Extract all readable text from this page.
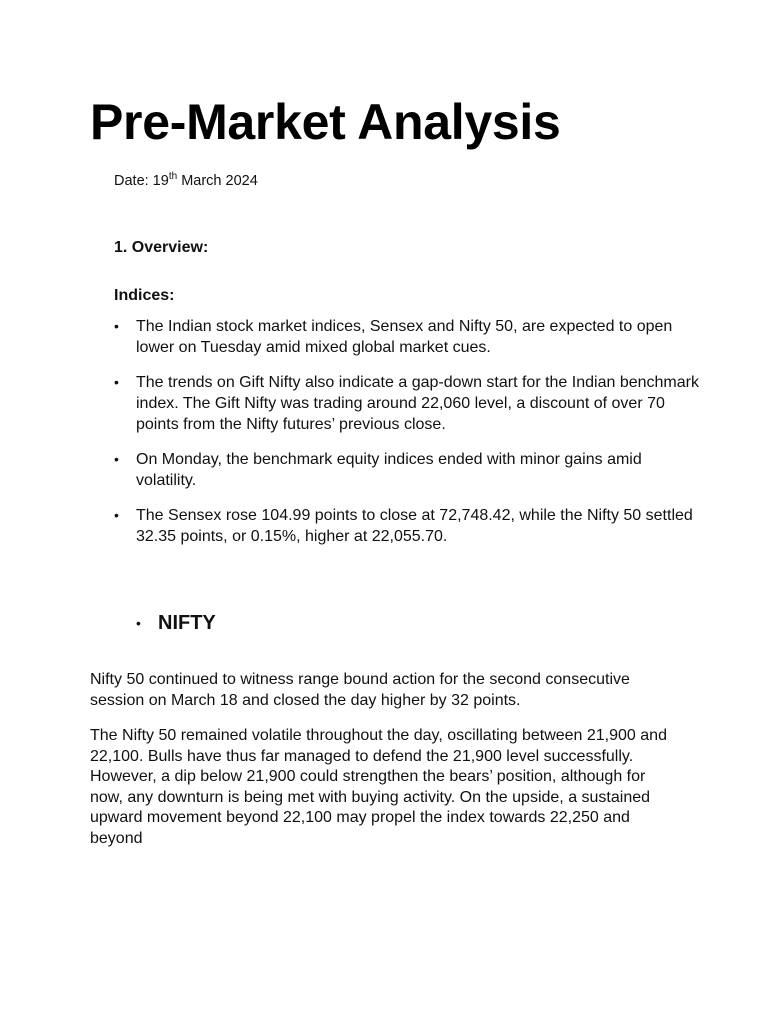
Pre-Market Analysis
Date: 19th March 2024
1. Overview:
Indices:
• The Indian stock market indices, Sensex and Nifty 50, are expected to open lower on Tuesday amid mixed global market cues.
• The trends on Gift Nifty also indicate a gap-down start for the Indian benchmark index. The Gift Nifty was trading around 22,060 level, a discount of over 70 points from the Nifty futures’ previous close.
• On Monday, the benchmark equity indices ended with minor gains amid volatility.
• The Sensex rose 104.99 points to close at 72,748.42, while the Nifty 50 settled 32.35 points, or 0.15%, higher at 22,055.70.
• NIFTY

Nifty 50 continued to witness range bound action for the second consecutive session on March 18 and closed the day higher by 32 points.

The Nifty 50 remained volatile throughout the day, oscillating between 21,900 and 22,100. Bulls have thus far managed to defend the 21,900 level successfully. However, a dip below 21,900 could strengthen the bears’ position, although for now, any downturn is being met with buying activity. On the upside, a sustained upward movement beyond 22,100 may propel the index towards 22,250 and beyond
